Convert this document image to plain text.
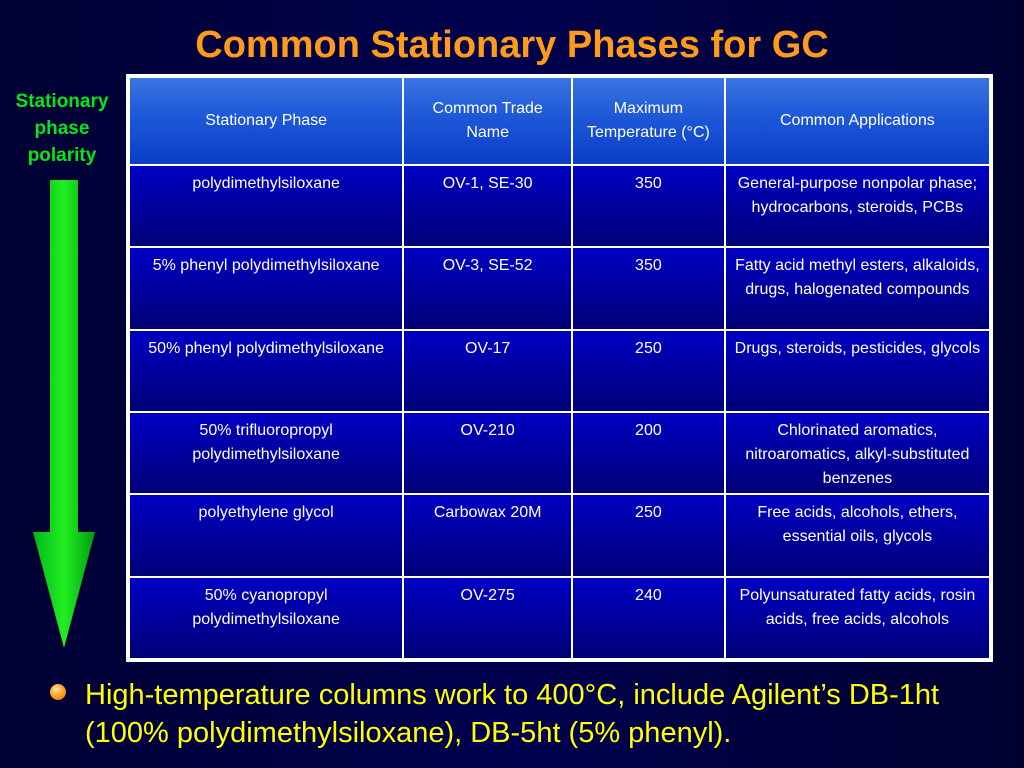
Common Stationary Phases for GC
Stationary phase polarity
Stationary Phase	Common Trade Name	Maximum Temperature (°C)	Common Applications
polydimethylsiloxane	OV-1, SE-30	350	General-purpose nonpolar phase; hydrocarbons, steroids, PCBs
5% phenyl polydimethylsiloxane	OV-3, SE-52	350	Fatty acid methyl esters, alkaloids, drugs, halogenated compounds
50% phenyl polydimethylsiloxane	OV-17	250	Drugs, steroids, pesticides, glycols
50% trifluoropropyl polydimethylsiloxane	OV-210	200	Chlorinated aromatics, nitroaromatics, alkyl-substituted benzenes
polyethylene glycol	Carbowax 20M	250	Free acids, alcohols, ethers, essential oils, glycols
50% cyanopropyl polydimethylsiloxane	OV-275	240	Polyunsaturated fatty acids, rosin acids, free acids, alcohols
High-temperature columns work to 400°C, include Agilent’s DB-1ht (100% polydimethylsiloxane), DB-5ht (5% phenyl).
